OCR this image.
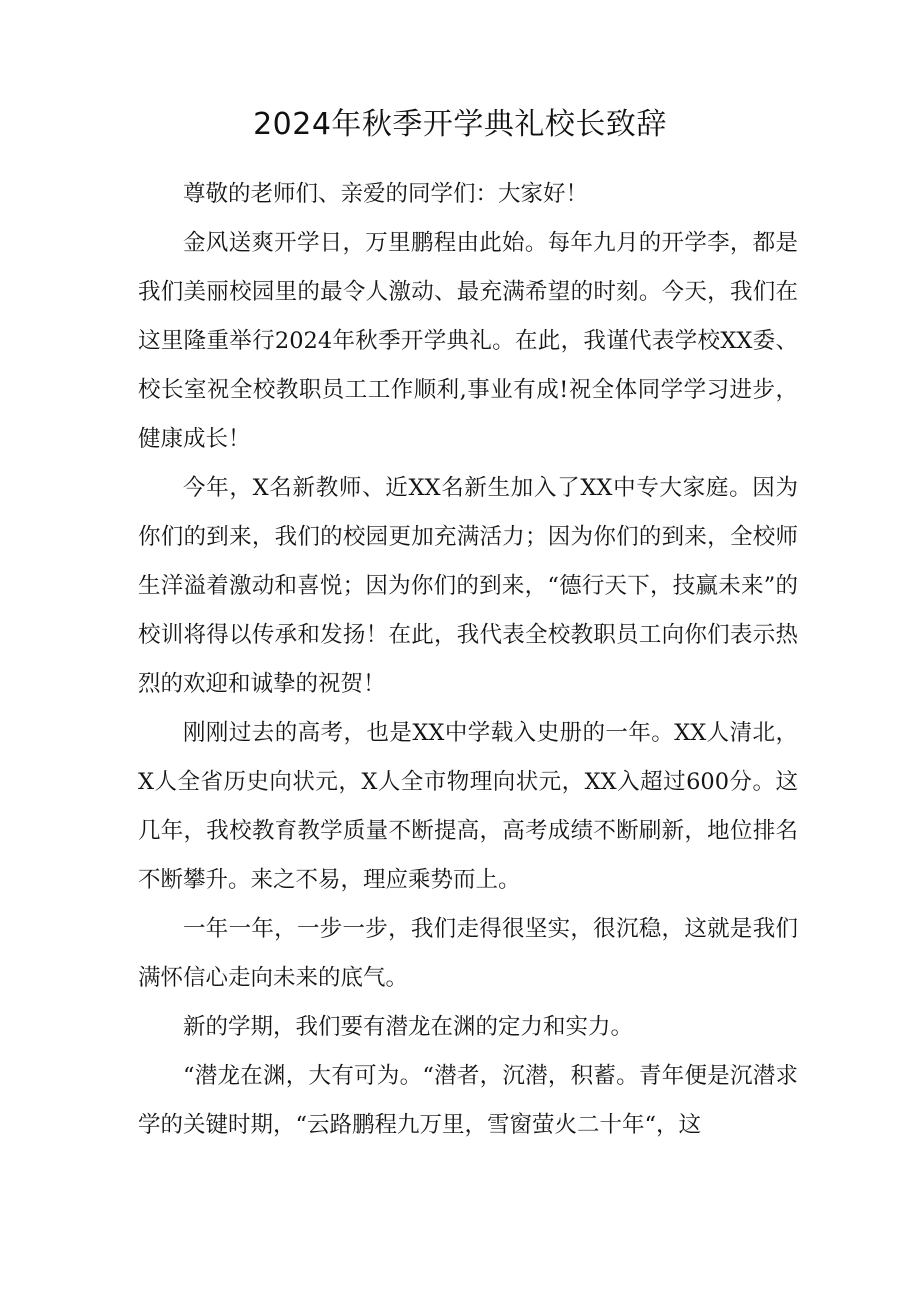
2024年秋季开学典礼校长致辞

尊敬的老师们、亲爱的同学们：大家好！

金风送爽开学日，万里鹏程由此始。每年九月的开学李，都是我们美丽校园里的最令人激动、最充满希望的时刻。今天，我们在这里隆重举行2024年秋季开学典礼。在此，我谨代表学校XX委、校长室祝全校教职员工工作顺利,事业有成!祝全体同学学习进步，健康成长！

今年，X名新教师、近XX名新生加入了XX中专大家庭。因为你们的到来，我们的校园更加充满活力；因为你们的到来，全校师生洋溢着激动和喜悦；因为你们的到来，“德行天下，技赢未来”的校训将得以传承和发扬！在此，我代表全校教职员工向你们表示热烈的欢迎和诚挚的祝贺！

刚刚过去的高考，也是XX中学载入史册的一年。XX人清北，X人全省历史向状元，X人全市物理向状元，XX入超过600分。这几年，我校教育教学质量不断提高，高考成绩不断刷新，地位排名不断攀升。来之不易，理应乘势而上。

一年一年，一步一步，我们走得很坚实，很沉稳，这就是我们满怀信心走向未来的底气。

新的学期，我们要有潜龙在渊的定力和实力。

“潜龙在渊，大有可为。“潜者，沉潜，积蓄。青年便是沉潜求学的关键时期，“云路鹏程九万里，雪窗萤火二十年“，这
